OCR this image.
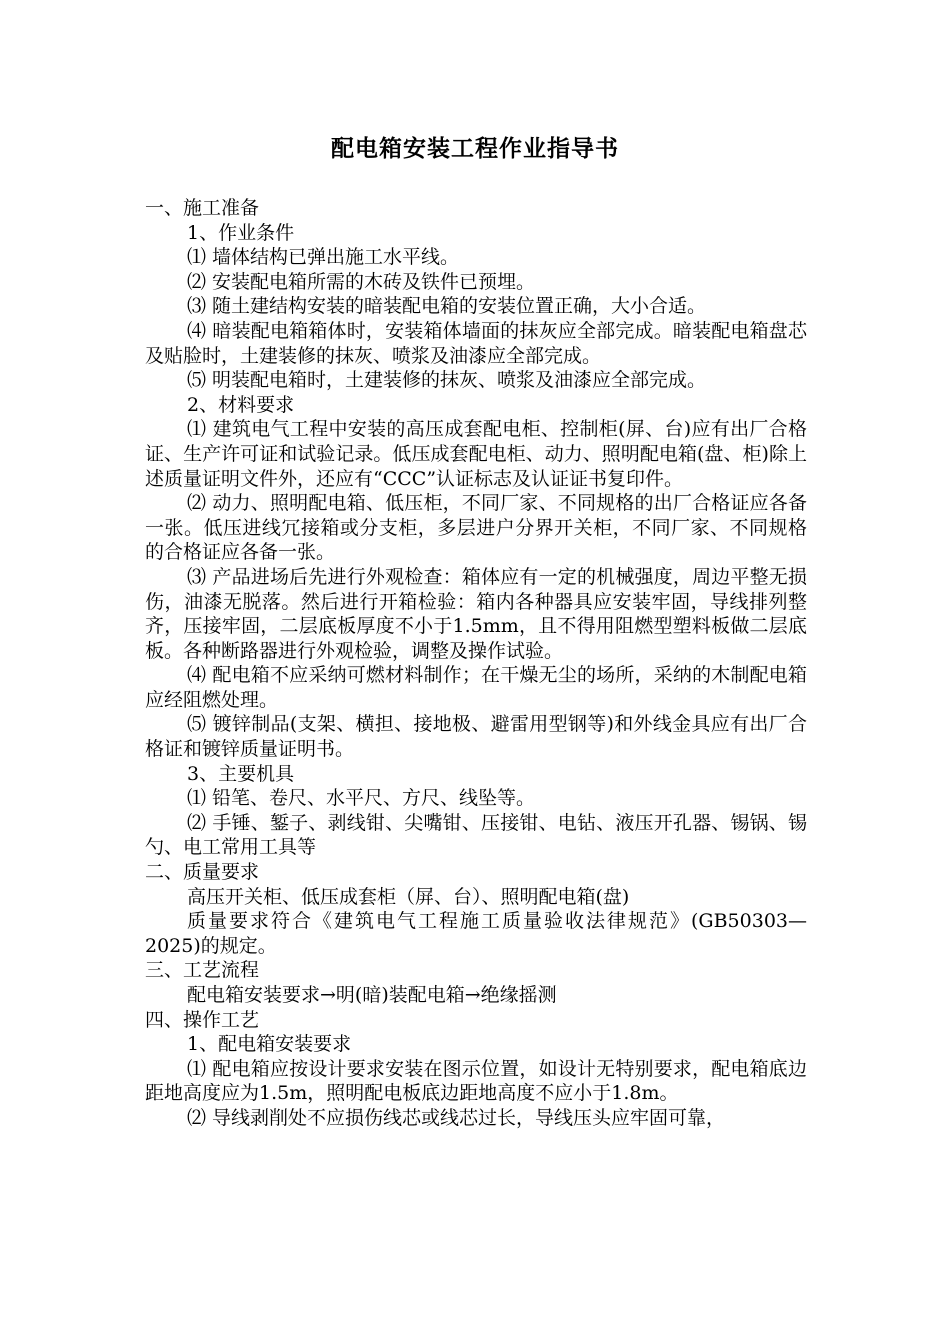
配电箱安装工程作业指导书

一、施工准备

1、作业条件

⑴ 墙体结构已弹出施工水平线。

⑵ 安装配电箱所需的木砖及铁件已预埋。

⑶ 随土建结构安装的暗装配电箱的安装位置正确，大小合适。

⑷ 暗装配电箱箱体时，安装箱体墙面的抹灰应全部完成。暗装配电箱盘芯及贴脸时，土建装修的抹灰、喷浆及油漆应全部完成。

⑸ 明装配电箱时，土建装修的抹灰、喷浆及油漆应全部完成。

2、材料要求

⑴ 建筑电气工程中安装的高压成套配电柜、控制柜(屏、台)应有出厂合格证、生产许可证和试验记录。低压成套配电柜、动力、照明配电箱(盘、柜)除上述质量证明文件外，还应有“CCC”认证标志及认证证书复印件。

⑵ 动力、照明配电箱、低压柜，不同厂家、不同规格的出厂合格证应各备一张。低压进线冗接箱或分支柜，多层进户分界开关柜，不同厂家、不同规格的合格证应各备一张。

⑶ 产品进场后先进行外观检查：箱体应有一定的机械强度，周边平整无损伤，油漆无脱落。然后进行开箱检验：箱内各种器具应安装牢固，导线排列整齐，压接牢固，二层底板厚度不小于1.5mm，且不得用阻燃型塑料板做二层底板。各种断路器进行外观检验，调整及操作试验。

⑷ 配电箱不应采纳可燃材料制作；在干燥无尘的场所，采纳的木制配电箱应经阻燃处理。

⑸ 镀锌制品(支架、横担、接地极、避雷用型钢等)和外线金具应有出厂合格证和镀锌质量证明书。

3、主要机具

⑴ 铅笔、卷尺、水平尺、方尺、线坠等。

⑵ 手锤、錾子、剥线钳、尖嘴钳、压接钳、电钻、液压开孔器、锡锅、锡勺、电工常用工具等

二、质量要求

高压开关柜、低压成套柜（屏、台）、照明配电箱(盘)

质量要求符合《建筑电气工程施工质量验收法律规范》(GB50303—2025)的规定。

三、工艺流程

配电箱安装要求→明(暗)装配电箱→绝缘摇测

四、操作工艺

1、配电箱安装要求

⑴ 配电箱应按设计要求安装在图示位置，如设计无特别要求，配电箱底边距地高度应为1.5m，照明配电板底边距地高度不应小于1.8m。

⑵ 导线剥削处不应损伤线芯或线芯过长，导线压头应牢固可靠，
